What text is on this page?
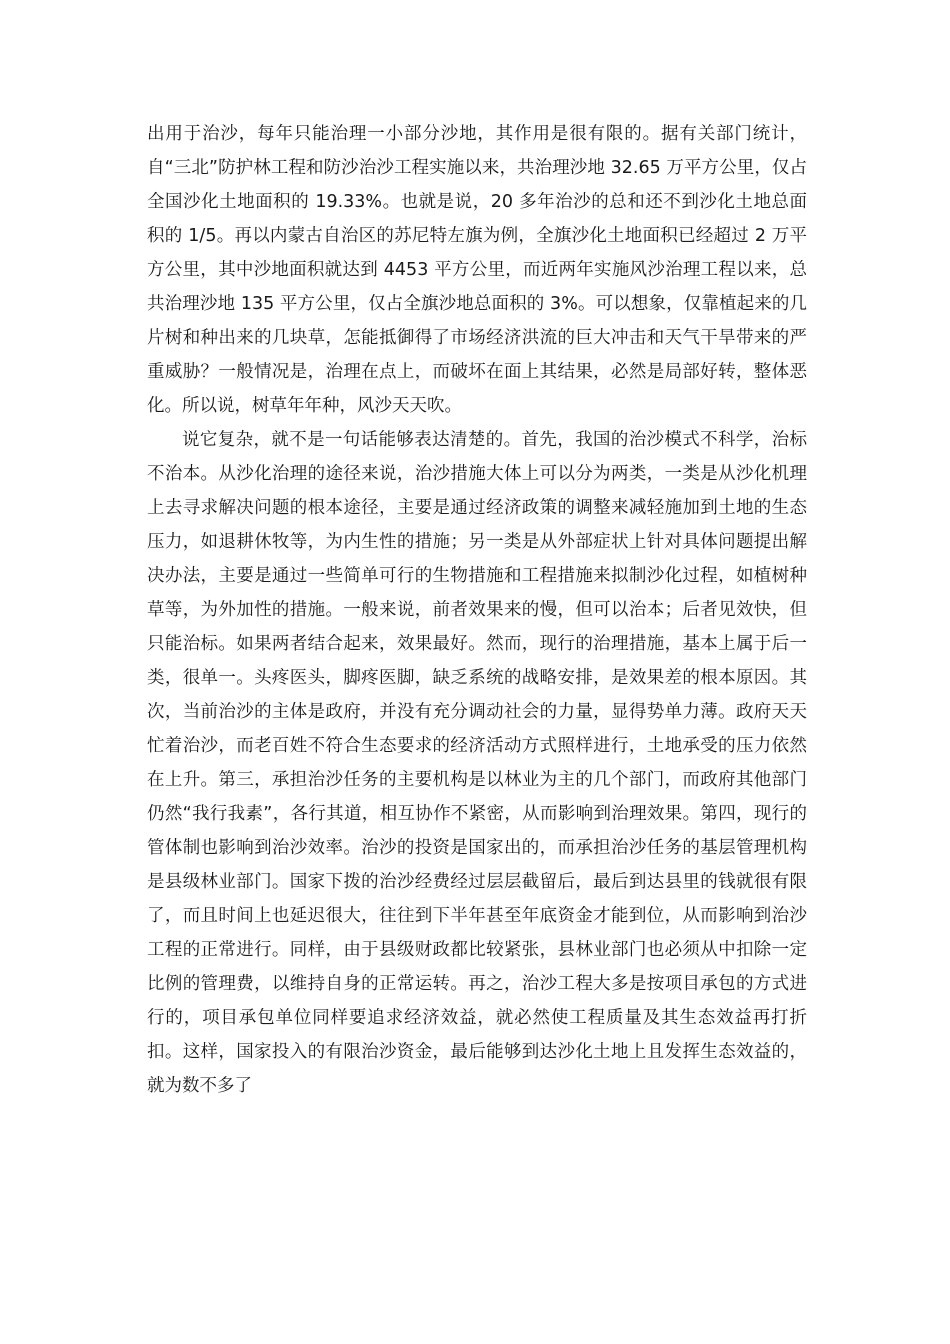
出用于治沙，每年只能治理一小部分沙地，其作用是很有限的。据有关部门统计，自“三北”防护林工程和防沙治沙工程实施以来，共治理沙地 32.65 万平方公里，仅占全国沙化土地面积的 19.33%。也就是说，20 多年治沙的总和还不到沙化土地总面积的 1/5。再以内蒙古自治区的苏尼特左旗为例，全旗沙化土地面积已经超过 2 万平方公里，其中沙地面积就达到 4453 平方公里，而近两年实施风沙治理工程以来，总共治理沙地 135 平方公里，仅占全旗沙地总面积的 3%。可以想象，仅靠植起来的几片树和种出来的几块草，怎能抵御得了市场经济洪流的巨大冲击和天气干旱带来的严重威胁？一般情况是，治理在点上，而破坏在面上其结果，必然是局部好转，整体恶化。所以说，树草年年种，风沙天天吹。

说它复杂，就不是一句话能够表达清楚的。首先，我国的治沙模式不科学，治标不治本。从沙化治理的途径来说，治沙措施大体上可以分为两类，一类是从沙化机理上去寻求解决问题的根本途径，主要是通过经济政策的调整来减轻施加到土地的生态压力，如退耕休牧等，为内生性的措施；另一类是从外部症状上针对具体问题提出解决办法，主要是通过一些简单可行的生物措施和工程措施来拟制沙化过程，如植树种草等，为外加性的措施。一般来说，前者效果来的慢，但可以治本；后者见效快，但只能治标。如果两者结合起来，效果最好。然而，现行的治理措施，基本上属于后一类，很单一。头疼医头，脚疼医脚，缺乏系统的战略安排，是效果差的根本原因。其次，当前治沙的主体是政府，并没有充分调动社会的力量，显得势单力薄。政府天天忙着治沙，而老百姓不符合生态要求的经济活动方式照样进行，土地承受的压力依然在上升。第三，承担治沙任务的主要机构是以林业为主的几个部门，而政府其他部门仍然“我行我素”，各行其道，相互协作不紧密，从而影响到治理效果。第四，现行的管体制也影响到治沙效率。治沙的投资是国家出的，而承担治沙任务的基层管理机构是县级林业部门。国家下拨的治沙经费经过层层截留后，最后到达县里的钱就很有限了，而且时间上也延迟很大，往往到下半年甚至年底资金才能到位，从而影响到治沙工程的正常进行。同样，由于县级财政都比较紧张，县林业部门也必须从中扣除一定比例的管理费，以维持自身的正常运转。再之，治沙工程大多是按项目承包的方式进行的，项目承包单位同样要追求经济效益，就必然使工程质量及其生态效益再打折扣。这样，国家投入的有限治沙资金，最后能够到达沙化土地上且发挥生态效益的，就为数不多了
